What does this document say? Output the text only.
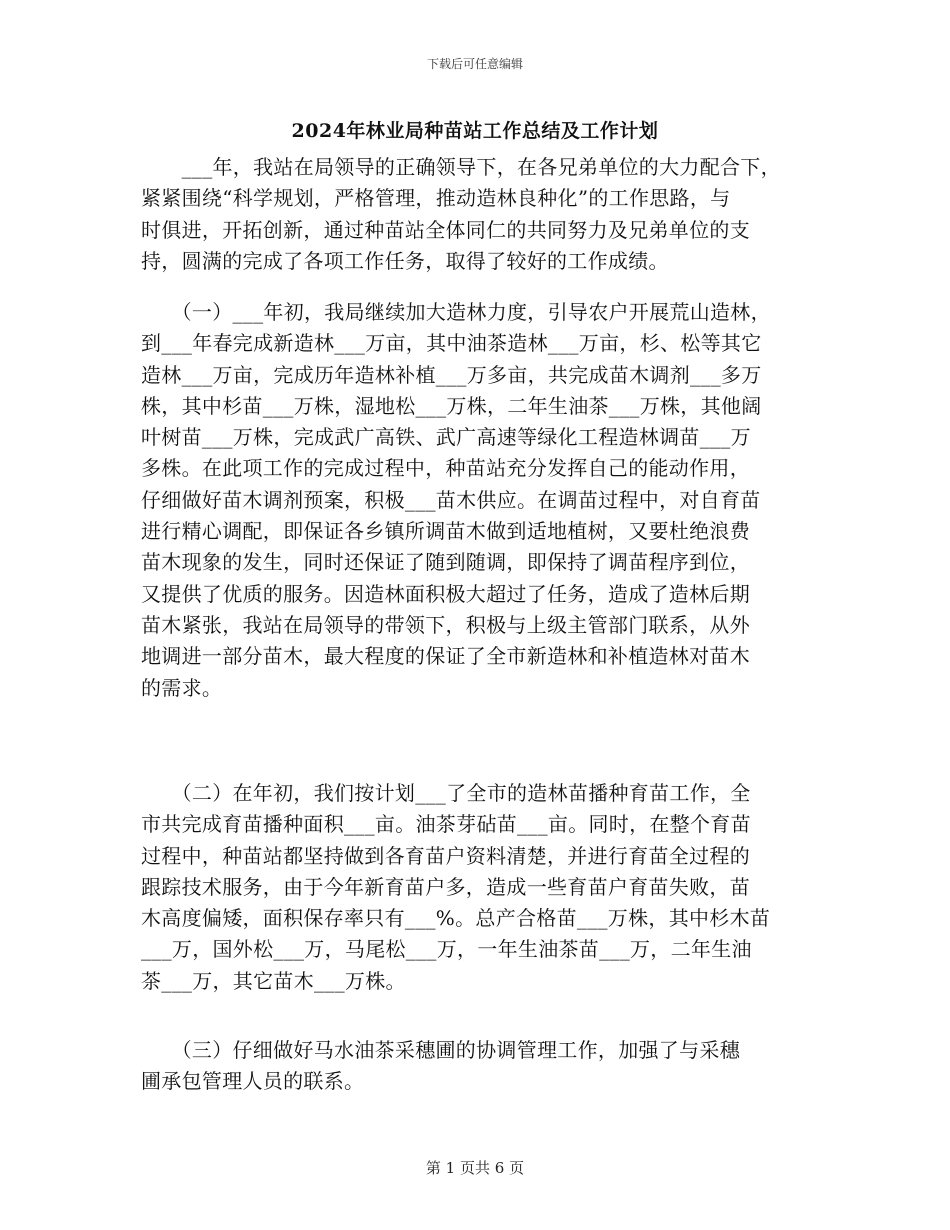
下载后可任意编辑
2024年林业局种苗站工作总结及工作计划
　　___年，我站在局领导的正确领导下，在各兄弟单位的大力配合下，
紧紧围绕“科学规划，严格管理，推动造林良种化”的工作思路，与
时俱进，开拓创新，通过种苗站全体同仁的共同努力及兄弟单位的支
持，圆满的完成了各项工作任务，取得了较好的工作成绩。
　　（一）___年初，我局继续加大造林力度，引导农户开展荒山造林，
到___年春完成新造林___万亩，其中油茶造林___万亩，杉、松等其它
造林___万亩，完成历年造林补植___万多亩，共完成苗木调剂___多万
株，其中杉苗___万株，湿地松___万株，二年生油茶___万株，其他阔
叶树苗___万株，完成武广高铁、武广高速等绿化工程造林调苗___万
多株。在此项工作的完成过程中，种苗站充分发挥自己的能动作用，
仔细做好苗木调剂预案，积极___苗木供应。在调苗过程中，对自育苗
进行精心调配，即保证各乡镇所调苗木做到适地植树，又要杜绝浪费
苗木现象的发生，同时还保证了随到随调，即保持了调苗程序到位，
又提供了优质的服务。因造林面积极大超过了任务，造成了造林后期
苗木紧张，我站在局领导的带领下，积极与上级主管部门联系，从外
地调进一部分苗木，最大程度的保证了全市新造林和补植造林对苗木
的需求。
　　（二）在年初，我们按计划___了全市的造林苗播种育苗工作，全
市共完成育苗播种面积___亩。油茶芽砧苗___亩。同时，在整个育苗
过程中，种苗站都坚持做到各育苗户资料清楚，并进行育苗全过程的
跟踪技术服务，由于今年新育苗户多，造成一些育苗户育苗失败，苗
木高度偏矮，面积保存率只有___%。总产合格苗___万株，其中杉木苗
___万，国外松___万，马尾松___万，一年生油茶苗___万，二年生油
茶___万，其它苗木___万株。
　　（三）仔细做好马水油茶采穗圃的协调管理工作，加强了与采穗
圃承包管理人员的联系。
第 1 页共 6 页
